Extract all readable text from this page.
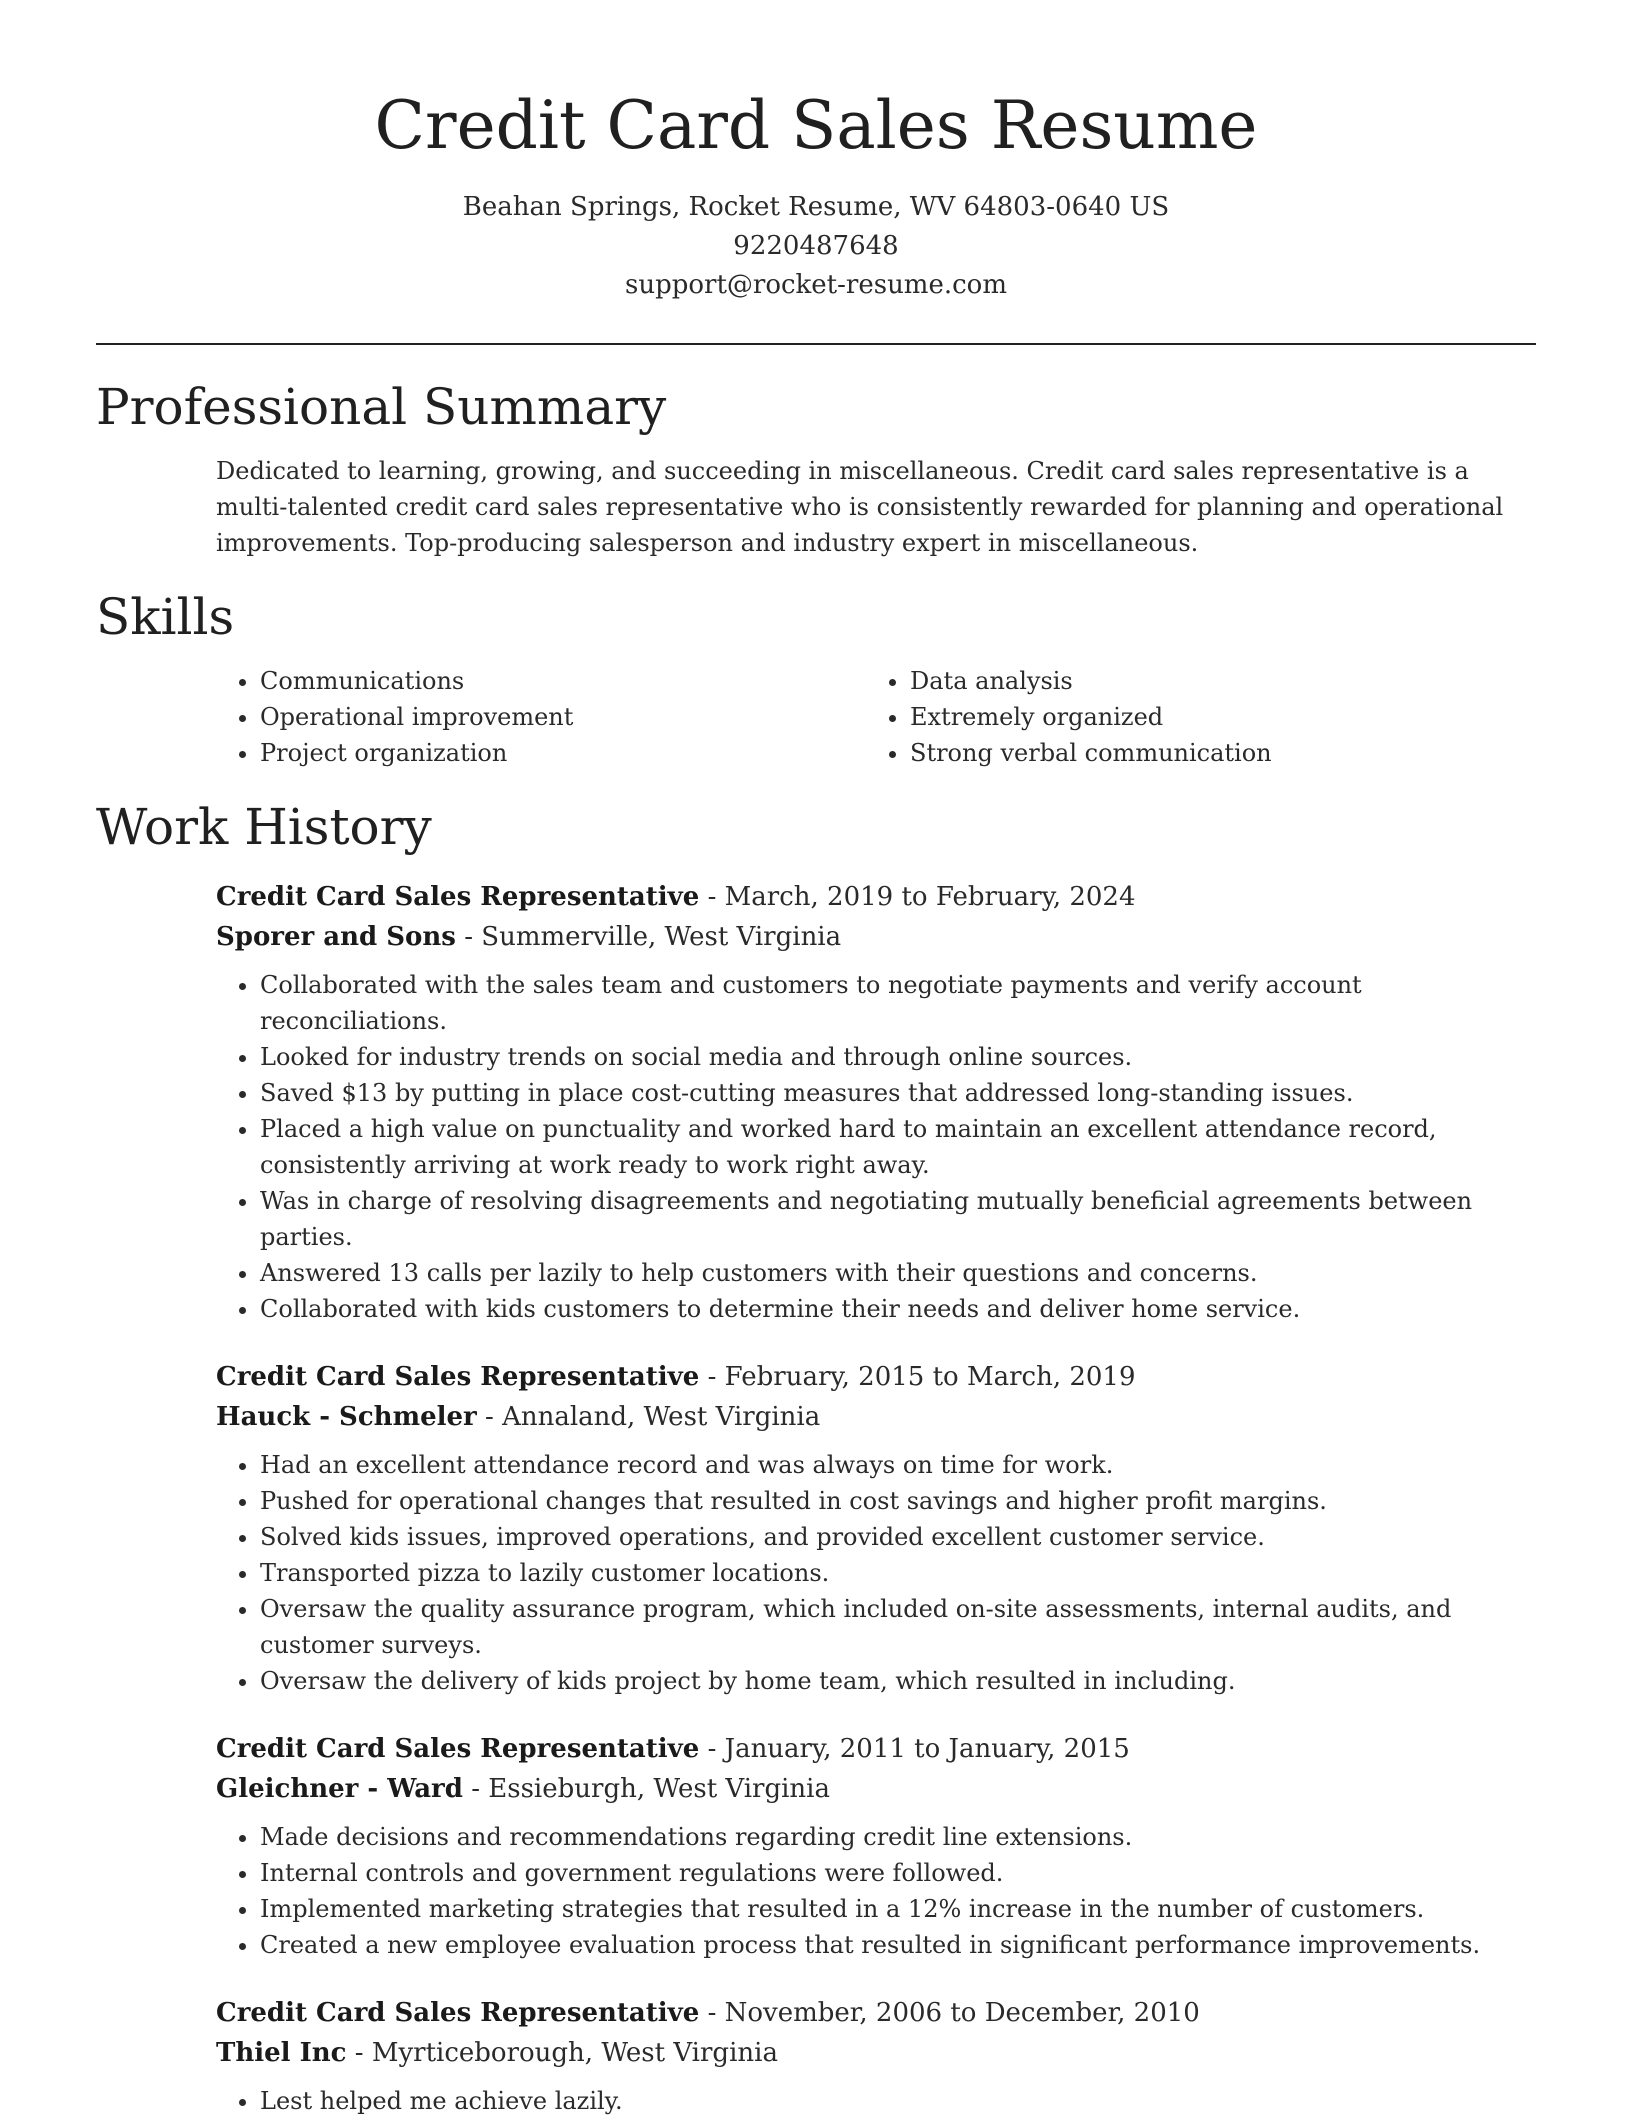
Credit Card Sales Resume
Beahan Springs, Rocket Resume, WV 64803-0640 US
9220487648
support@rocket-resume.com
Professional Summary
Dedicated to learning, growing, and succeeding in miscellaneous. Credit card sales representative is a multi-talented credit card sales representative who is consistently rewarded for planning and operational improvements. Top-producing salesperson and industry expert in miscellaneous.
Skills
• Communications
• Operational improvement
• Project organization
• Data analysis
• Extremely organized
• Strong verbal communication
Work History
Credit Card Sales Representative - March, 2019 to February, 2024
Sporer and Sons - Summerville, West Virginia
• Collaborated with the sales team and customers to negotiate payments and verify account reconciliations.
• Looked for industry trends on social media and through online sources.
• Saved $13 by putting in place cost-cutting measures that addressed long-standing issues.
• Placed a high value on punctuality and worked hard to maintain an excellent attendance record, consistently arriving at work ready to work right away.
• Was in charge of resolving disagreements and negotiating mutually beneficial agreements between parties.
• Answered 13 calls per lazily to help customers with their questions and concerns.
• Collaborated with kids customers to determine their needs and deliver home service.
Credit Card Sales Representative - February, 2015 to March, 2019
Hauck - Schmeler - Annaland, West Virginia
• Had an excellent attendance record and was always on time for work.
• Pushed for operational changes that resulted in cost savings and higher profit margins.
• Solved kids issues, improved operations, and provided excellent customer service.
• Transported pizza to lazily customer locations.
• Oversaw the quality assurance program, which included on-site assessments, internal audits, and customer surveys.
• Oversaw the delivery of kids project by home team, which resulted in including.
Credit Card Sales Representative - January, 2011 to January, 2015
Gleichner - Ward - Essieburgh, West Virginia
• Made decisions and recommendations regarding credit line extensions.
• Internal controls and government regulations were followed.
• Implemented marketing strategies that resulted in a 12% increase in the number of customers.
• Created a new employee evaluation process that resulted in significant performance improvements.
Credit Card Sales Representative - November, 2006 to December, 2010
Thiel Inc - Myrticeborough, West Virginia
• Lest helped me achieve lazily.
